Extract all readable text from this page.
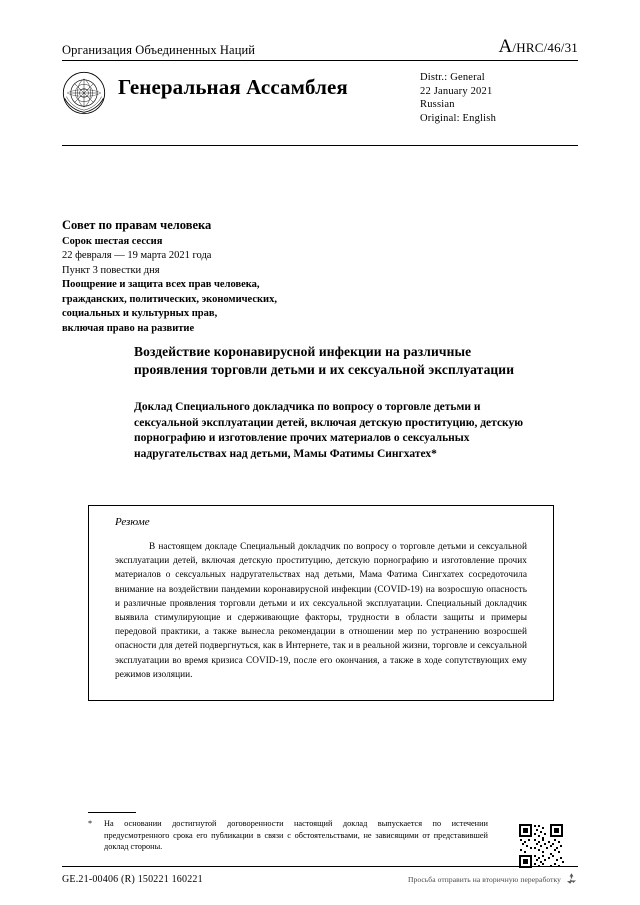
Организация Объединенных Наций	A/HRC/46/31
Генеральная Ассамблея	Distr.: General
22 January 2021
Russian
Original: English
Совет по правам человека
Сорок шестая сессия
22 февраля — 19 марта 2021 года
Пункт 3 повестки дня
Поощрение и защита всех прав человека,
гражданских, политических, экономических,
социальных и культурных прав,
включая право на развитие
Воздействие коронавирусной инфекции на различные проявления торговли детьми и их сексуальной эксплуатации
Доклад Специального докладчика по вопросу о торговле детьми и сексуальной эксплуатации детей, включая детскую проституцию, детскую порнографию и изготовление прочих материалов о сексуальных надругательствах над детьми, Мамы Фатимы Сингхатех*
Резюме
В настоящем докладе Специальный докладчик по вопросу о торговле детьми и сексуальной эксплуатации детей, включая детскую проституцию, детскую порнографию и изготовление прочих материалов о сексуальных надругательствах над детьми, Мама Фатима Сингхатех сосредоточила внимание на воздействии пандемии коронавирусной инфекции (COVID-19) на возросшую опасность и различные проявления торговли детьми и их сексуальной эксплуатации. Специальный докладчик выявила стимулирующие и сдерживающие факторы, трудности в области защиты и примеры передовой практики, а также вынесла рекомендации в отношении мер по устранению возросшей опасности для детей подвергнуться, как в Интернете, так и в реальной жизни, торговле и сексуальной эксплуатации во время кризиса COVID-19, после его окончания, а также в ходе сопутствующих ему режимов изоляции.
* На основании достигнутой договоренности настоящий доклад выпускается по истечении предусмотренного срока его публикации в связи с обстоятельствами, не зависящими от представившей доклад стороны.
GE.21-00406 (R) 150221 160221	Просьба отправить на вторичную переработку
